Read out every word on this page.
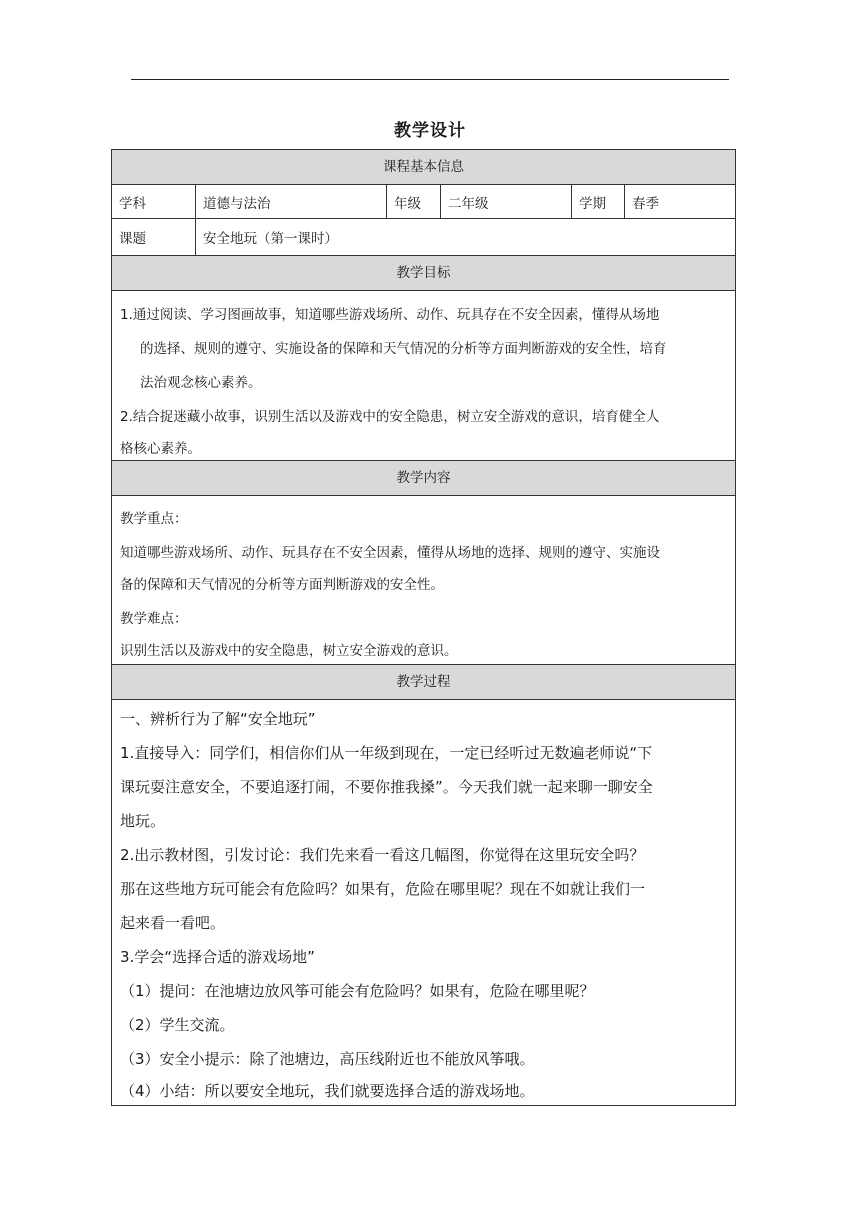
教学设计
课程基本信息
学科	道德与法治	年级	二年级	学期	春季
课题	安全地玩（第一课时）
教学目标
1.通过阅读、学习图画故事，知道哪些游戏场所、动作、玩具存在不安全因素，懂得从场地
的选择、规则的遵守、实施设备的保障和天气情况的分析等方面判断游戏的安全性，培育
法治观念核心素养。
2.结合捉迷藏小故事，识别生活以及游戏中的安全隐患，树立安全游戏的意识，培育健全人
格核心素养。
教学内容
教学重点：
知道哪些游戏场所、动作、玩具存在不安全因素，懂得从场地的选择、规则的遵守、实施设
备的保障和天气情况的分析等方面判断游戏的安全性。
教学难点：
识别生活以及游戏中的安全隐患，树立安全游戏的意识。
教学过程
一、辨析行为了解“安全地玩”
1.直接导入：同学们，相信你们从一年级到现在，一定已经听过无数遍老师说“下
课玩耍注意安全，不要追逐打闹，不要你推我搡”。今天我们就一起来聊一聊安全
地玩。
2.出示教材图，引发讨论：我们先来看一看这几幅图，你觉得在这里玩安全吗？
那在这些地方玩可能会有危险吗？如果有，危险在哪里呢？现在不如就让我们一
起来看一看吧。
3.学会“选择合适的游戏场地”
（1）提问：在池塘边放风筝可能会有危险吗？如果有，危险在哪里呢？
（2）学生交流。
（3）安全小提示：除了池塘边，高压线附近也不能放风筝哦。
（4）小结：所以要安全地玩，我们就要选择合适的游戏场地。
